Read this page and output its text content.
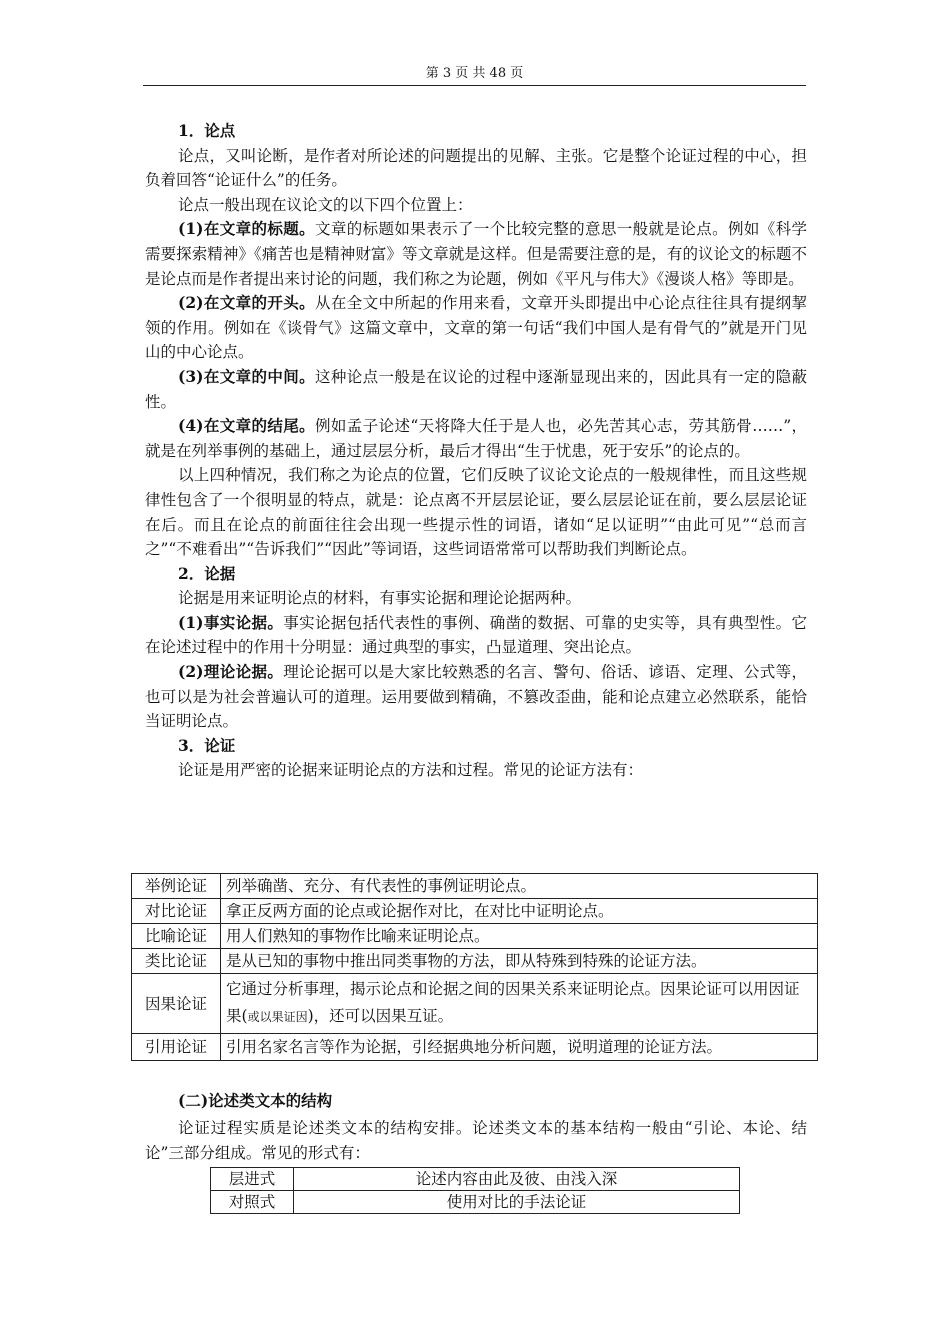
第 3 页 共 48 页

1．论点

论点，又叫论断，是作者对所论述的问题提出的见解、主张。它是整个论证过程的中心，担负着回答“论证什么”的任务。

论点一般出现在议论文的以下四个位置上：

(1)在文章的标题。文章的标题如果表示了一个比较完整的意思一般就是论点。例如《科学需要探索精神》《痛苦也是精神财富》等文章就是这样。但是需要注意的是，有的议论文的标题不是论点而是作者提出来讨论的问题，我们称之为论题，例如《平凡与伟大》《漫谈人格》等即是。

(2)在文章的开头。从在全文中所起的作用来看，文章开头即提出中心论点往往具有提纲挈领的作用。例如在《谈骨气》这篇文章中，文章的第一句话“我们中国人是有骨气的”就是开门见山的中心论点。

(3)在文章的中间。这种论点一般是在议论的过程中逐渐显现出来的，因此具有一定的隐蔽性。

(4)在文章的结尾。例如孟子论述“天将降大任于是人也，必先苦其心志，劳其筋骨……”，就是在列举事例的基础上，通过层层分析，最后才得出“生于忧患，死于安乐”的论点的。

以上四种情况，我们称之为论点的位置，它们反映了议论文论点的一般规律性，而且这些规律性包含了一个很明显的特点，就是：论点离不开层层论证，要么层层论证在前，要么层层论证在后。而且在论点的前面往往会出现一些提示性的词语，诸如“足以证明”“由此可见”“总而言之”“不难看出”“告诉我们”“因此”等词语，这些词语常常可以帮助我们判断论点。

2．论据

论据是用来证明论点的材料，有事实论据和理论论据两种。

(1)事实论据。事实论据包括代表性的事例、确凿的数据、可靠的史实等，具有典型性。它在论述过程中的作用十分明显：通过典型的事实，凸显道理、突出论点。

(2)理论论据。理论论据可以是大家比较熟悉的名言、警句、俗话、谚语、定理、公式等，也可以是为社会普遍认可的道理。运用要做到精确，不篡改歪曲，能和论点建立必然联系，能恰当证明论点。

3．论证

论证是用严密的论据来证明论点的方法和过程。常见的论证方法有：

举例论证	列举确凿、充分、有代表性的事例证明论点。
对比论证	拿正反两方面的论点或论据作对比，在对比中证明论点。
比喻论证	用人们熟知的事物作比喻来证明论点。
类比论证	是从已知的事物中推出同类事物的方法，即从特殊到特殊的论证方法。
因果论证	它通过分析事理，揭示论点和论据之间的因果关系来证明论点。因果论证可以用因证果(或以果证因)，还可以因果互证。
引用论证	引用名家名言等作为论据，引经据典地分析问题，说明道理的论证方法。
(二)论述类文本的结构

论证过程实质是论述类文本的结构安排。论述类文本的基本结构一般由“引论、本论、结论”三部分组成。常见的形式有：

层进式	论述内容由此及彼、由浅入深
对照式	使用对比的手法论证
